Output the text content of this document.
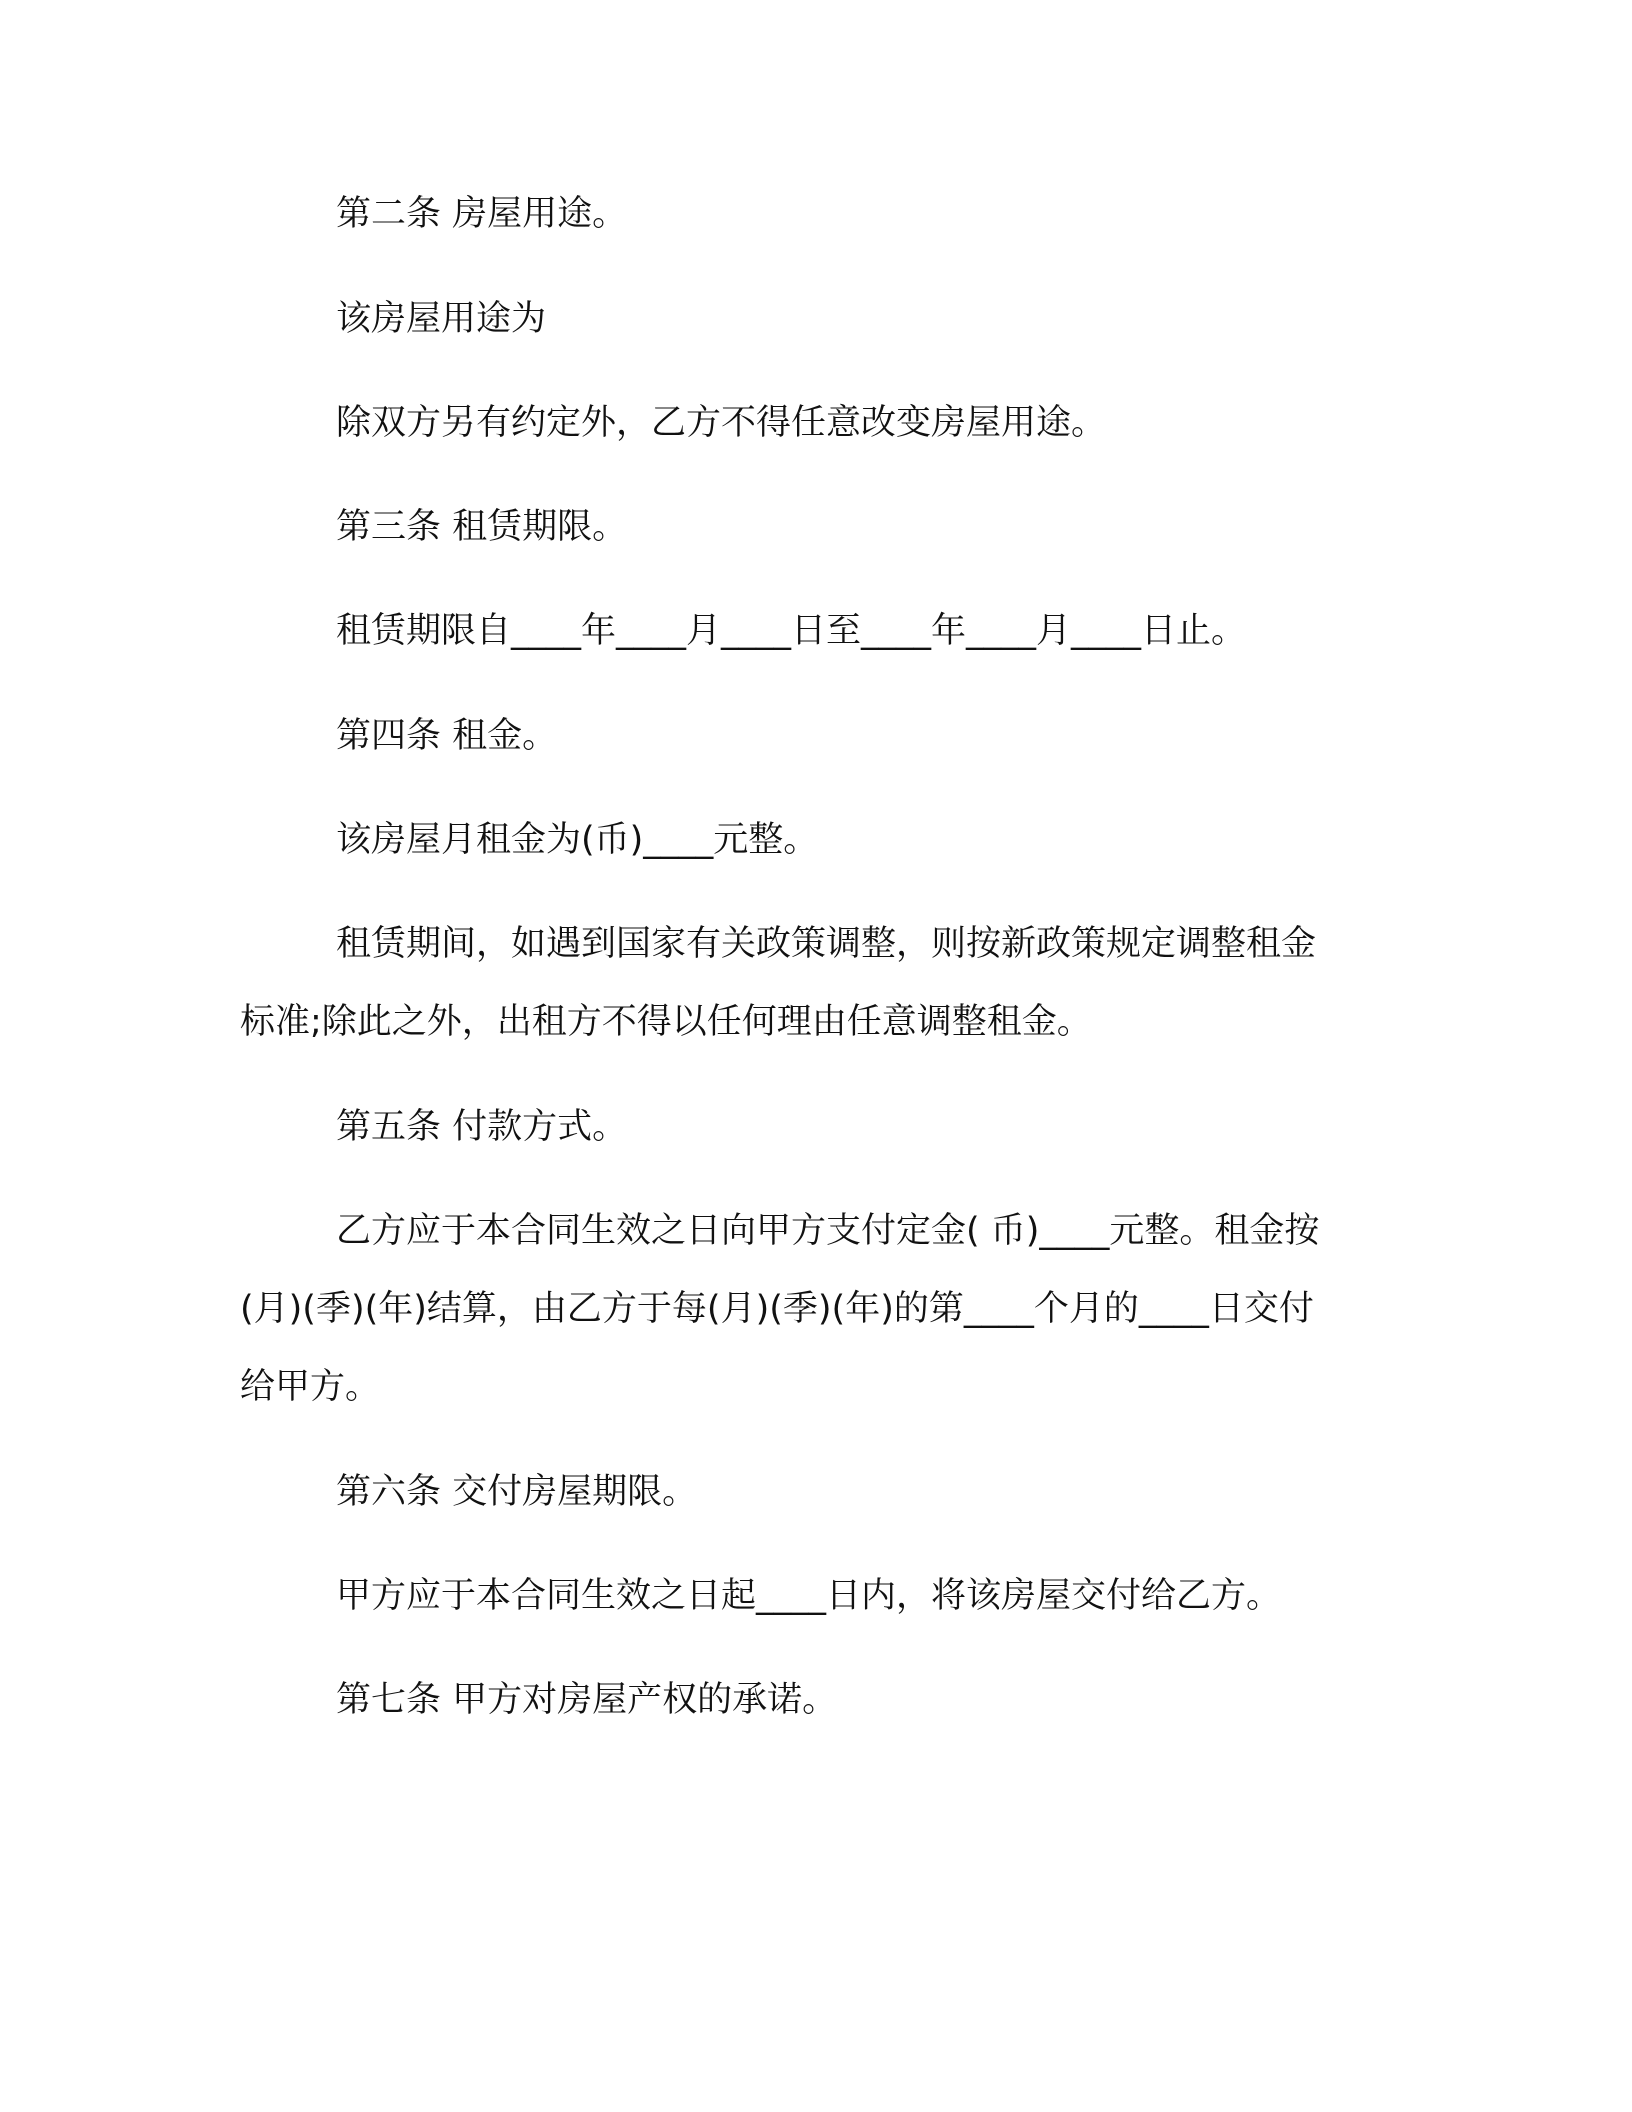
第二条 房屋用途。
该房屋用途为
除双方另有约定外，乙方不得任意改变房屋用途。
第三条 租赁期限。
租赁期限自____年____月____日至____年____月____日止。
第四条 租金。
该房屋月租金为(币)____元整。
租赁期间，如遇到国家有关政策调整，则按新政策规定调整租金
标准;除此之外，出租方不得以任何理由任意调整租金。
第五条 付款方式。
乙方应于本合同生效之日向甲方支付定金( 币)____元整。租金按
(月)(季)(年)结算，由乙方于每(月)(季)(年)的第____个月的____日交付
给甲方。
第六条 交付房屋期限。
甲方应于本合同生效之日起____日内，将该房屋交付给乙方。
第七条 甲方对房屋产权的承诺。
